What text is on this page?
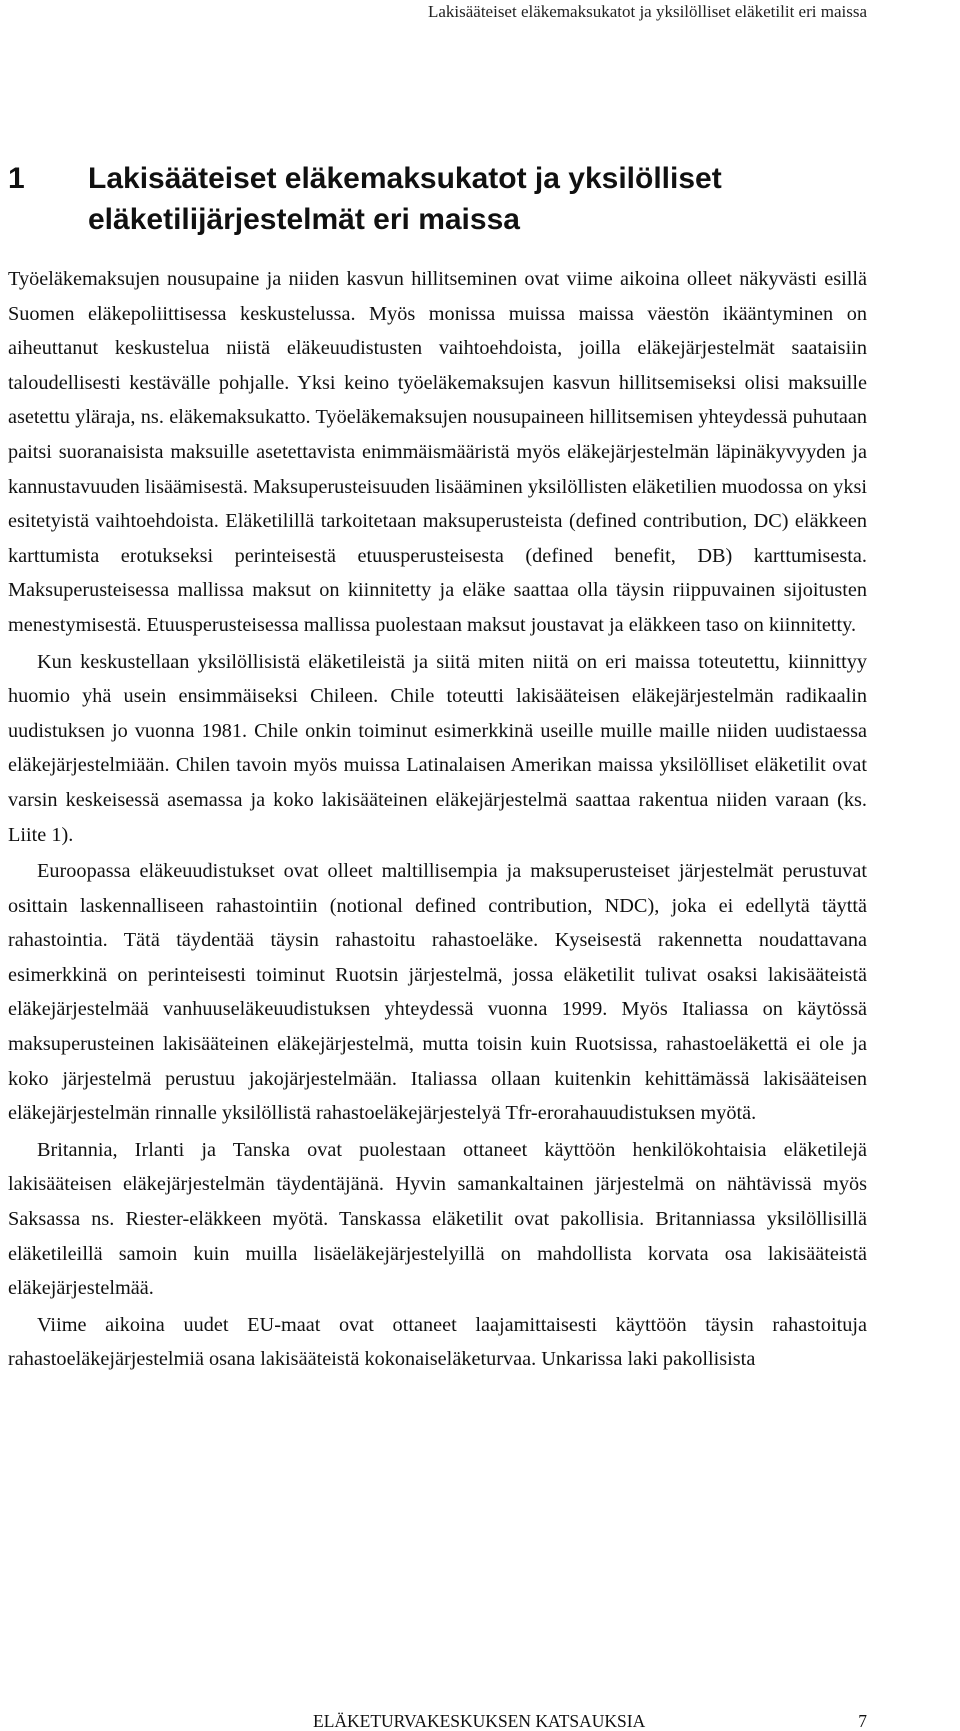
Lakisääteiset eläkemaksukatot ja yksilölliset eläketilit eri maissa
1	Lakisääteiset eläkemaksukatot ja yksilölliset eläketilijärjestelmät eri maissa

Työeläkemaksujen nousupaine ja niiden kasvun hillitseminen ovat viime aikoina olleet näkyvästi esillä Suomen eläkepoliittisessa keskustelussa. Myös monissa muissa maissa väestön ikääntyminen on aiheuttanut keskustelua niistä eläkeuudistusten vaihtoehdoista, joilla eläkejärjestelmät saataisiin taloudellisesti kestävälle pohjalle. Yksi keino työeläkemaksujen kasvun hillitsemiseksi olisi maksuille asetettu yläraja, ns. eläkemaksukatto. Työeläkemaksujen nousupaineen hillitsemisen yhteydessä puhutaan paitsi suoranaisista maksuille asetettavista enimmäismääristä myös eläkejärjestelmän läpinäkyvyyden ja kannustavuuden lisäämisestä. Maksuperusteisuuden lisääminen yksilöllisten eläketilien muodossa on yksi esitetyistä vaihtoehdoista. Eläketilillä tarkoitetaan maksuperusteista (defined contribution, DC) eläkkeen karttumista erotukseksi perinteisestä etuusperusteisesta (defined benefit, DB) karttumisesta. Maksuperusteisessa mallissa maksut on kiinnitetty ja eläke saattaa olla täysin riippuvainen sijoitusten menestymisestä. Etuusperusteisessa mallissa puolestaan maksut joustavat ja eläkkeen taso on kiinnitetty.

Kun keskustellaan yksilöllisistä eläketileistä ja siitä miten niitä on eri maissa toteutettu, kiinnittyy huomio yhä usein ensimmäiseksi Chileen. Chile toteutti lakisääteisen eläkejärjestelmän radikaalin uudistuksen jo vuonna 1981. Chile onkin toiminut esimerkkinä useille muille maille niiden uudistaessa eläkejärjestelmiään. Chilen tavoin myös muissa Latinalaisen Amerikan maissa yksilölliset eläketilit ovat varsin keskeisessä asemassa ja koko lakisääteinen eläkejärjestelmä saattaa rakentua niiden varaan (ks. Liite 1).

Euroopassa eläkeuudistukset ovat olleet maltillisempia ja maksuperusteiset järjestelmät perustuvat osittain laskennalliseen rahastointiin (notional defined contribution, NDC), joka ei edellytä täyttä rahastointia. Tätä täydentää täysin rahastoitu rahastoeläke. Kyseisestä rakennetta noudattavana esimerkkinä on perinteisesti toiminut Ruotsin järjestelmä, jossa eläketilit tulivat osaksi lakisääteistä eläkejärjestelmää vanhuuseläkeuudistuksen yhteydessä vuonna 1999. Myös Italiassa on käytössä maksuperusteinen lakisääteinen eläkejärjestelmä, mutta toisin kuin Ruotsissa, rahastoeläkettä ei ole ja koko järjestelmä perustuu jakojärjestelmään. Italiassa ollaan kuitenkin kehittämässä lakisääteisen eläkejärjestelmän rinnalle yksilöllistä rahastoeläkejärjestelyä Tfr-erorahauudistuksen myötä.

Britannia, Irlanti ja Tanska ovat puolestaan ottaneet käyttöön henkilökohtaisia eläketilejä lakisääteisen eläkejärjestelmän täydentäjänä. Hyvin samankaltainen järjestelmä on nähtävissä myös Saksassa ns. Riester-eläkkeen myötä. Tanskassa eläketilit ovat pakollisia. Britanniassa yksilöllisillä eläketileillä samoin kuin muilla lisäeläkejärjestelyillä on mahdollista korvata osa lakisääteistä eläkejärjestelmää.

Viime aikoina uudet EU-maat ovat ottaneet laajamittaisesti käyttöön täysin rahastoituja rahastoeläkejärjestelmiä osana lakisääteistä kokonaiseläketurvaa. Unkarissa laki pakollisista

ELÄKETURVAKESKUKSEN KATSAUKSIA	7
